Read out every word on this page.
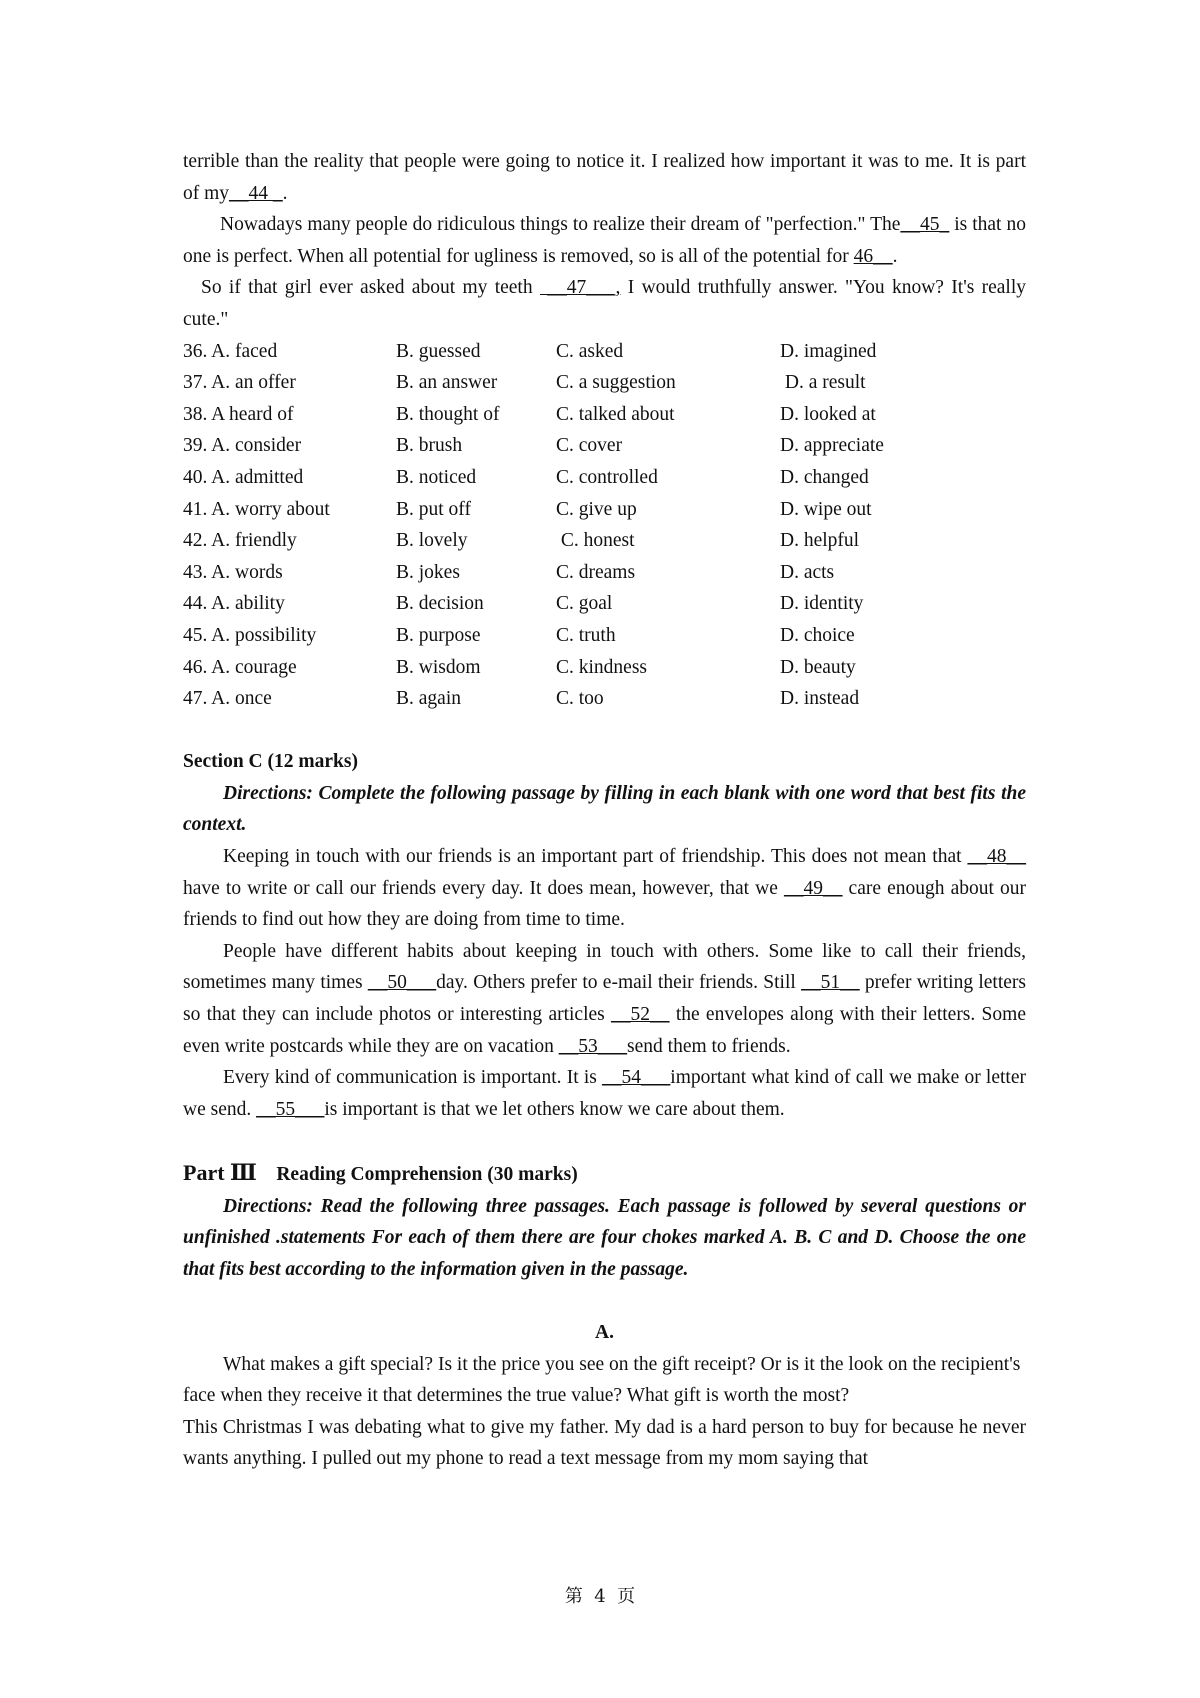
terrible than the reality that people were going to notice it. I realized how important it was to me. It is part of my__44 _.

Nowadays many people do ridiculous things to realize their dream of "perfection." The__45_ is that no one is perfect. When all potential for ugliness is removed, so is all of the potential for 46__.

So if that girl ever asked about my teeth  __47___, I would truthfully answer. "You know? It's really cute."

36. A. faced	B. guessed	C. asked	D. imagined
37. A. an offer	B. an answer	C. a suggestion	D. a result
38. A heard of	B. thought of	C. talked about	D. looked at
39. A. consider	B. brush	C. cover	D. appreciate
40. A. admitted	B. noticed	C. controlled	D. changed
41. A. worry about	B. put off	C. give up	D. wipe out
42. A. friendly	B. lovely	C. honest	D. helpful
43. A. words	B. jokes	C. dreams	D. acts
44. A. ability	B. decision	C. goal	D. identity
45. A. possibility	B. purpose	C. truth	D. choice
46. A. courage	B. wisdom	C. kindness	D. beauty
47. A. once	B. again	C. too	D. instead

Section C (12 marks)

Directions: Complete the following passage by filling in each blank with one word that best fits the context.

Keeping in touch with our friends is an important part of friendship. This does not mean that __48__ have to write or call our friends every day. It does mean, however, that we __49__ care enough about our friends to find out how they are doing from time to time.

People have different habits about keeping in touch with others. Some like to call their friends, sometimes many times __50___day. Others prefer to e-mail their friends. Still __51__ prefer writing letters so that they can include photos or interesting articles __52__ the envelopes along with their letters. Some even write postcards while they are on vacation __53___send them to friends.

Every kind of communication is important. It is __54___important what kind of call we make or letter we send. __55___is important is that we let others know we care about them.

Part Ⅲ Reading Comprehension (30 marks)

Directions: Read the following three passages. Each passage is followed by several questions or unfinished .statements For each of them there are four chokes marked A. B. C and D. Choose the one that fits best according to the information given in the passage.

A.

What makes a gift special? Is it the price you see on the gift receipt? Or is it the look on the recipient's face when they receive it that determines the true value? What gift is worth the most?

This Christmas I was debating what to give my father. My dad is a hard person to buy for because he never wants anything. I pulled out my phone to read a text message from my mom saying that

第  4  页
